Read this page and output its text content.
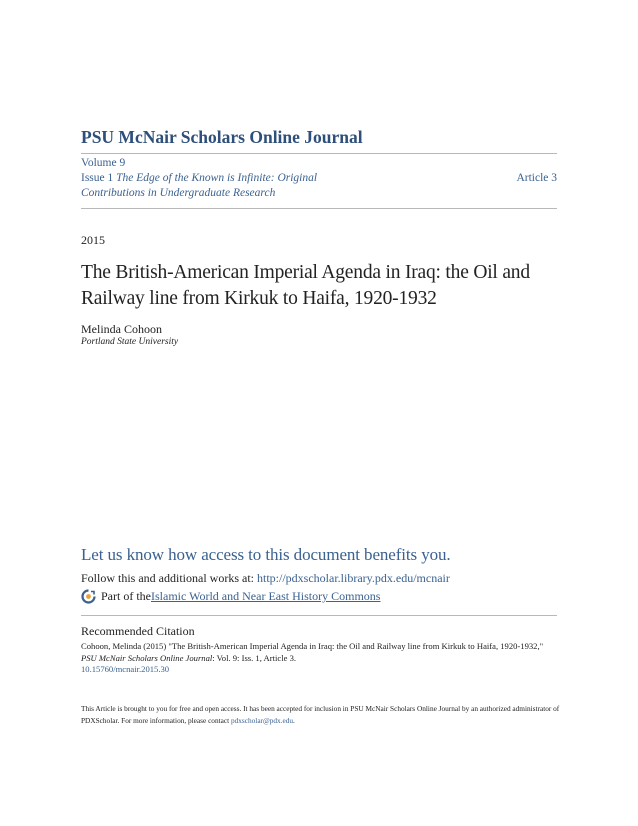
PSU McNair Scholars Online Journal
Volume 9
Issue 1 The Edge of the Known is Infinite: Original
Contributions in Undergraduate Research
Article 3
2015
The British-American Imperial Agenda in Iraq: the Oil and Railway line from Kirkuk to Haifa, 1920-1932
Melinda Cohoon
Portland State University
Let us know how access to this document benefits you.
Follow this and additional works at: http://pdxscholar.library.pdx.edu/mcnair
Part of the Islamic World and Near East History Commons
Recommended Citation
Cohoon, Melinda (2015) "The British-American Imperial Agenda in Iraq: the Oil and Railway line from Kirkuk to Haifa, 1920-1932,"
PSU McNair Scholars Online Journal: Vol. 9: Iss. 1, Article 3.
10.15760/mcnair.2015.30
This Article is brought to you for free and open access. It has been accepted for inclusion in PSU McNair Scholars Online Journal by an authorized administrator of PDXScholar. For more information, please contact pdxscholar@pdx.edu.
